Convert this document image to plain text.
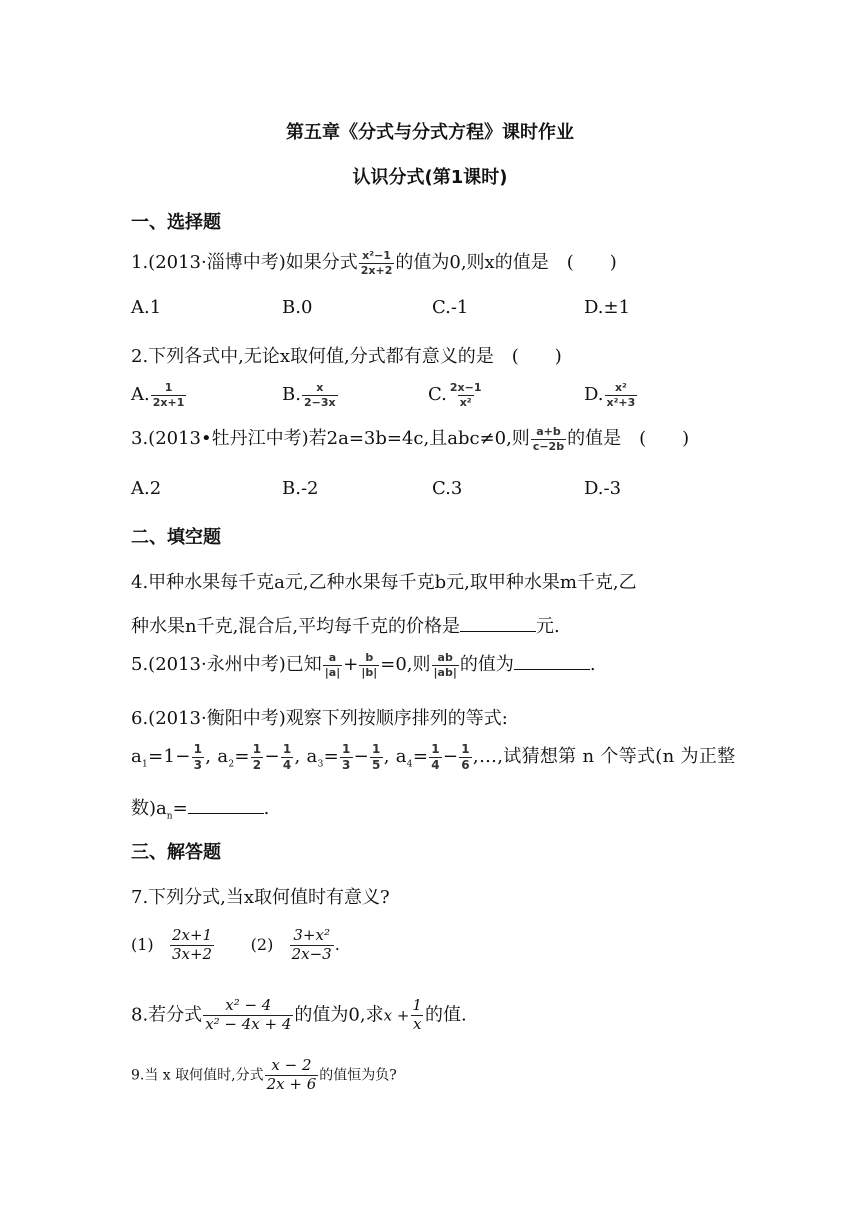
第五章《分式与分式方程》课时作业
认识分式(第1课时)
一、选择题
1.(2013·淄博中考)如果分式 $\frac{\text{x²−1}}{2x+2}$ 的值为0,则x的值是　(　　)
A.1	B.0	C.-1	D.±1
2.下列各式中,无论x取何值,分式都有意义的是　(　　)
A. $\frac{1}{2x+1}$	B. $\frac{x}{2-3x}$	C. $\frac{2x-1}{\text{x²}}$	D. $\frac{\text{x²}}{\text{x²+3}}$
3.(2013•牡丹江中考)若2a=3b=4c,且abc≠0,则 $\frac{a+b}{c-2b}$ 的值是　(　　)
A.2	B.-2	C.3	D.-3
二、填空题
4.甲种水果每千克a元,乙种水果每千克b元,取甲种水果m千克,乙
种水果n千克,混合后,平均每千克的价格是	元.
5.(2013·永州中考)已知 $\frac{a}{|a|} + \frac{b}{|b|} =0$,则 $\frac{ab}{|ab|}$ 的值为	.
6.(2013·衡阳中考)观察下列按顺序排列的等式:
$a_1=1- \frac{1}{3}$ , $a_2= \frac{1}{2} - \frac{1}{4}$ , $a_3= \frac{1}{3} - \frac{1}{5}$ , $a_4= \frac{1}{4} - \frac{1}{6}$ ,…,试猜想第 n 个等式(n 为正整
数)$a_n=$	.
三、解答题
7.下列分式,当x取何值时有意义?
$(1) \frac{2x+1}{3x+2} (2) \frac{\text{3+x²}}{2x-3}$ .
8.若分式 $\frac{\text{x² − 4}}{\text{x² − 4x + 4}}$ 的值为0,求$x + \frac{1}{x}$ 的值.
9.当 x 取何值时,分式 $\frac{x - 2}{2x + 6}$ 的值恒为负?
